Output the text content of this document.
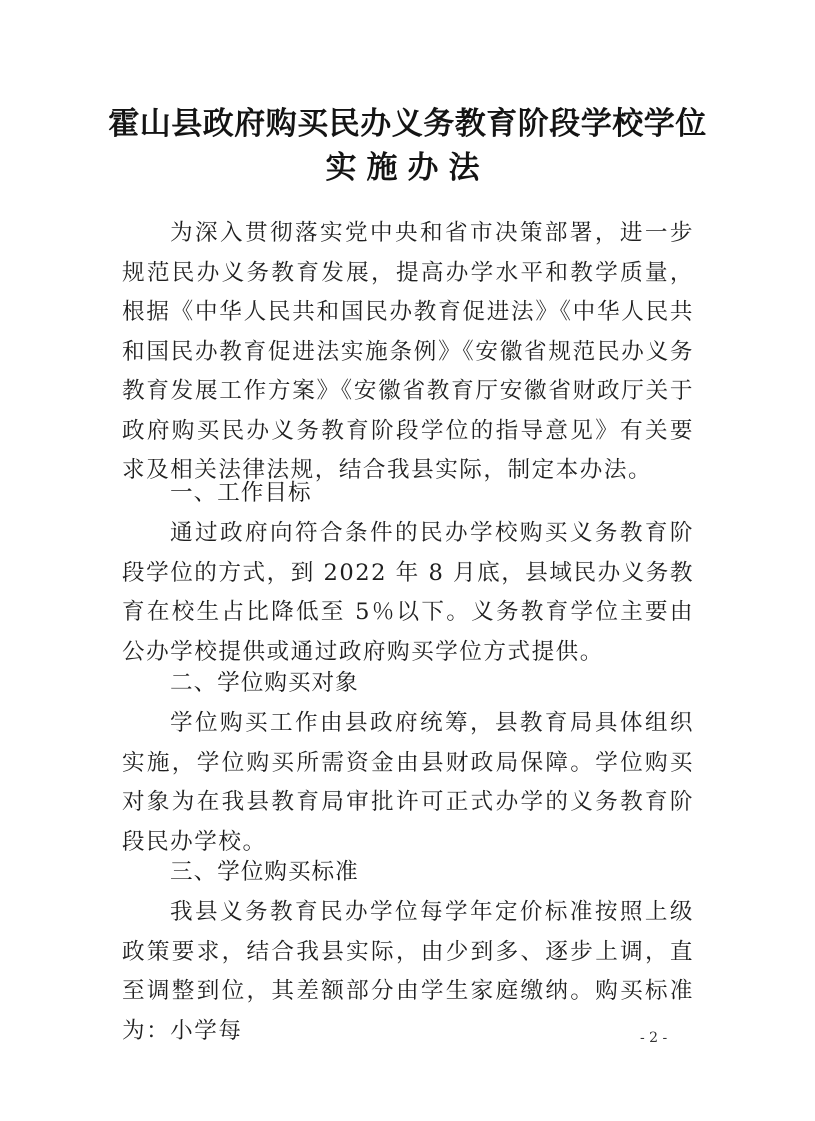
霍山县政府购买民办义务教育阶段学校学位
实施办法
为深入贯彻落实党中央和省市决策部署，进一步规范民办义务教育发展，提高办学水平和教学质量，根据《中华人民共和国民办教育促进法》《中华人民共和国民办教育促进法实施条例》《安徽省规范民办义务教育发展工作方案》《安徽省教育厅安徽省财政厅关于政府购买民办义务教育阶段学位的指导意见》有关要求及相关法律法规，结合我县实际，制定本办法。
一、工作目标
通过政府向符合条件的民办学校购买义务教育阶段学位的方式，到 2022 年 8 月底，县域民办义务教育在校生占比降低至 5％以下。义务教育学位主要由公办学校提供或通过政府购买学位方式提供。
二、学位购买对象
学位购买工作由县政府统筹，县教育局具体组织实施，学位购买所需资金由县财政局保障。学位购买对象为在我县教育局审批许可正式办学的义务教育阶段民办学校。
三、学位购买标准
我县义务教育民办学位每学年定价标准按照上级政策要求，结合我县实际，由少到多、逐步上调，直至调整到位，其差额部分由学生家庭缴纳。购买标准为：小学每	- 2 -
